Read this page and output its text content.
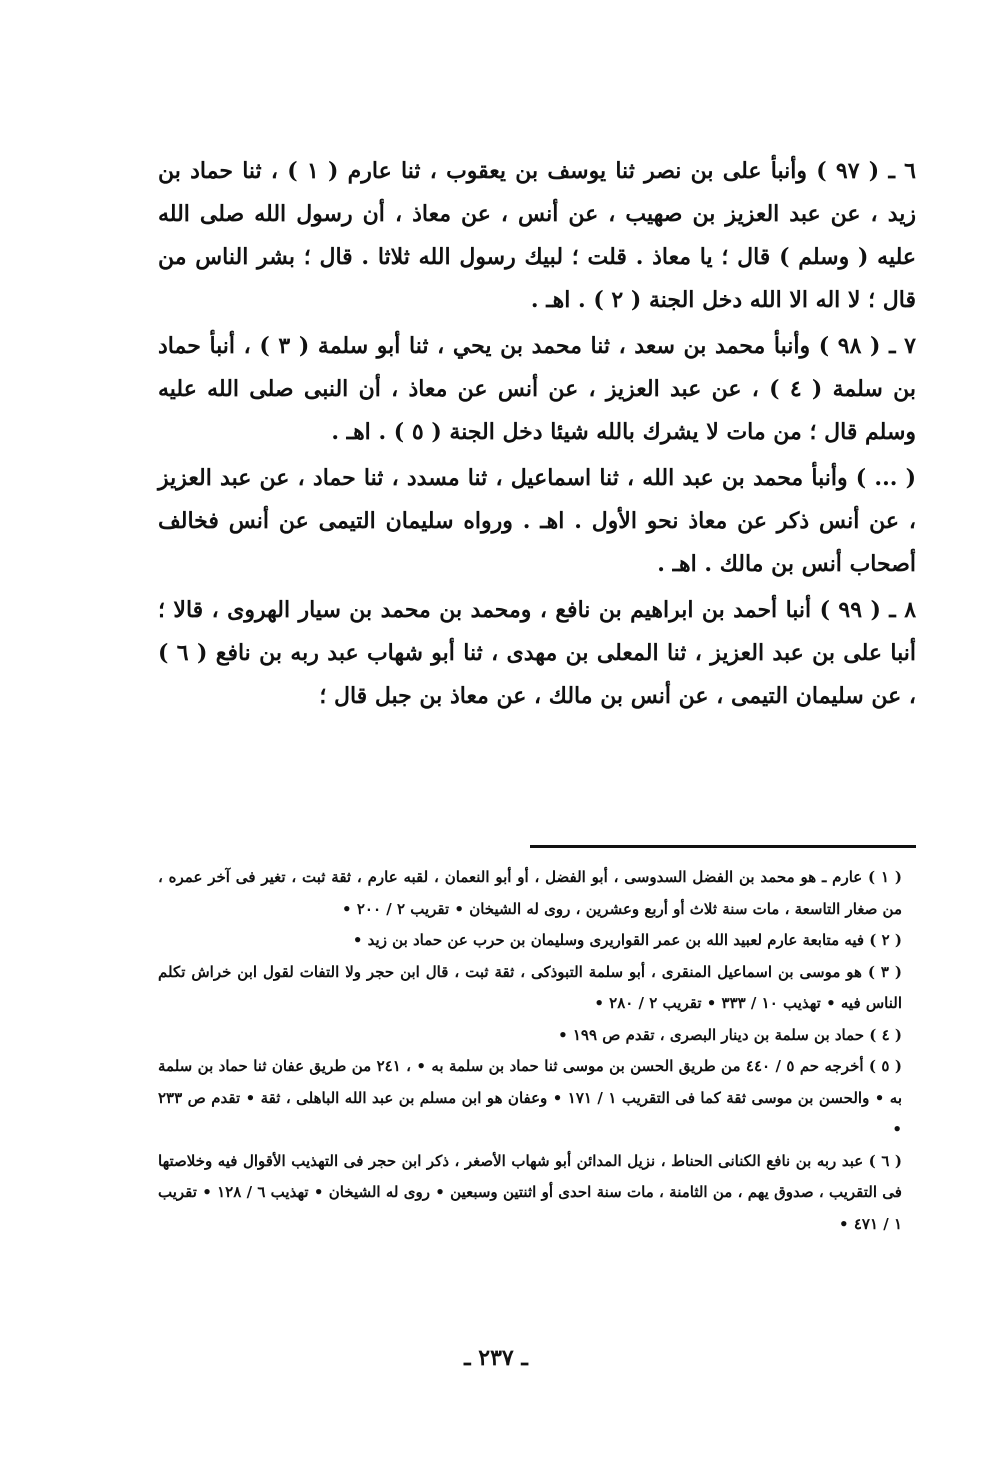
٦ ـ ( ٩٧ ) وأنبأ على بن نصر ثنا يوسف بن يعقوب ، ثنا عارم ( ١ ) ، ثنا حماد بن زيد ، عن عبد العزيز بن صهيب ، عن أنس ، عن معاذ ، أن رسول الله صلى الله عليه ( وسلم ) قال ؛ يا معاذ . قلت ؛ لبيك رسول الله ثلاثا . قال ؛ بشر الناس من قال ؛ لا اله الا الله دخل الجنة ( ٢ ) . اهـ .

٧ ـ ( ٩٨ ) وأنبأ محمد بن سعد ، ثنا محمد بن يحي ، ثنا أبو سلمة ( ٣ ) ، أنبأ حماد بن سلمة ( ٤ ) ، عن عبد العزيز ، عن أنس عن معاذ ، أن النبى صلى الله عليه وسلم قال ؛ من مات لا يشرك بالله شيئا دخل الجنة ( ٥ ) . اهـ .

( ... ) وأنبأ محمد بن عبد الله ، ثنا اسماعيل ، ثنا مسدد ، ثنا حماد ، عن عبد العزيز ، عن أنس ذكر عن معاذ نحو الأول . اهـ . ورواه سليمان التيمى عن أنس فخالف أصحاب أنس بن مالك . اهـ .

٨ ـ ( ٩٩ ) أنبا أحمد بن ابراهيم بن نافع ، ومحمد بن محمد بن سيار الهروى ، قالا ؛ أنبا على بن عبد العزيز ، ثنا المعلى بن مهدى ، ثنا أبو شهاب عبد ربه بن نافع ( ٦ ) ، عن سليمان التيمى ، عن أنس بن مالك ، عن معاذ بن جبل قال ؛

( ١ ) عارم ـ هو محمد بن الفضل السدوسى ، أبو الفضل ، أو أبو النعمان ، لقبه عارم ، ثقة ثبت ، تغير فى آخر عمره ، من صغار التاسعة ، مات سنة ثلاث أو أربع وعشرين ، روى له الشيخان • تقريب ٢ / ٢٠٠ •

( ٢ ) فيه متابعة عارم لعبيد الله بن عمر القواريرى وسليمان بن حرب عن حماد بن زيد •

( ٣ ) هو موسى بن اسماعيل المنقرى ، أبو سلمة التبوذكى ، ثقة ثبت ، قال ابن حجر ولا التفات لقول ابن خراش تكلم الناس فيه • تهذيب ١٠ / ٣٣٣ • تقريب ٢ / ٢٨٠ •

( ٤ ) حماد بن سلمة بن دينار البصرى ، تقدم ص ١٩٩ •

( ٥ ) أخرجه حم ٥ / ٤٤٠ من طريق الحسن بن موسى ثنا حماد بن سلمة به • ، ٢٤١ من طريق عفان ثنا حماد بن سلمة به • والحسن بن موسى ثقة كما فى التقريب ١ / ١٧١ • وعفان هو ابن مسلم بن عبد الله الباهلى ، ثقة • تقدم ص ٢٣٣ •

( ٦ ) عبد ربه بن نافع الكنانى الحناط ، نزيل المدائن أبو شهاب الأصغر ، ذكر ابن حجر فى التهذيب الأقوال فيه وخلاصتها فى التقريب ، صدوق يهم ، من الثامنة ، مات سنة احدى أو اثنتين وسبعين • روى له الشيخان • تهذيب ٦ / ١٢٨ • تقريب ١ / ٤٧١ •

ـ ٢٣٧ ـ
